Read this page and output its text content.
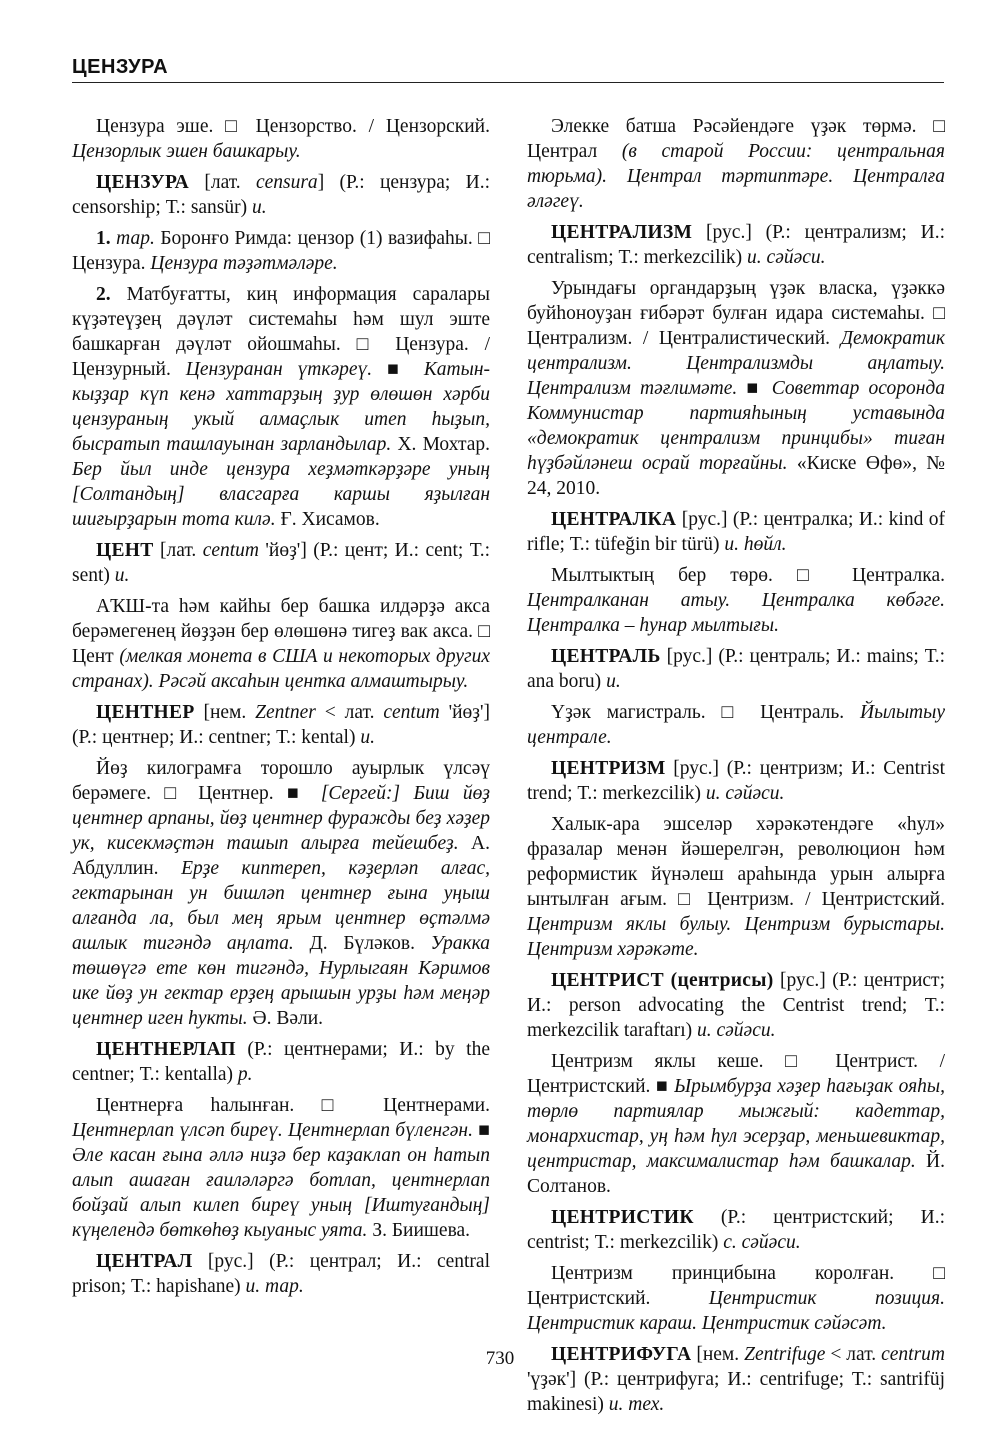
ЦЕНЗУРА

Цензура эше. □ Цензорство. / Цензорский. Цензорлык эшен башкарыу.

ЦЕНЗУРА [лат. censura] (Р.: цензура; И.: censorship; Т.: sansür) и.

1. тар. Боронғо Римда: цензор (1) вазифаһы. □ Цензура. Цензура тәҙәтмәләре.

2. Матбуғатты, киң информация саралары күҙәтеүҙең дәүләт системаһы һәм шул эште башкарған дәүләт ойошмаһы. □ Цензура. / Цензурный. Цензуранан үткәреү. ■ Катын-кыҙҙар күп кенә хаттарҙың ҙур өлөшөн хәрби цензураның укый алмаҫлык итеп һыҙып, бысратып ташлауынан зарландылар. Х. Мохтар. Бер йыл инде цензура хеҙмәткәрҙәре уның [Солтандың] власгарға каршы яҙылған шиғырҙарын тота килә. Ғ. Хисамов.

ЦЕНТ [лат. centum 'йөҙ'] (Р.: цент; И.: cent; Т.: sent) и.

АҠШ-та һәм кайһы бер башка илдәрҙә акса берәмегенең йөҙҙән бер өлөшөнә тигеҙ вак акса. □ Цент (мелкая монета в США и некоторых других странах). Рәсәй аксаһын центка алмаштырыу.

ЦЕНТНЕР [нем. Zentner < лат. centum 'йөҙ'] (Р.: центнер; И.: centner; Т.: kental) и.

Йөҙ килограмға торошло ауырлык үлсәү берәмеге. □ Центнер. ■ [Сергей:] Биш йөҙ центнер арпаны, йөҙ центнер фуражды беҙ хәҙер ук, кисекмәҫтән ташып алырға тейешбеҙ. А. Абдуллин. Ерҙе киптереп, кәҙерләп алғас, гектарынан ун бишләп центнер ғына уңыш алғанда ла, был мең ярым центнер өҫтәлмә ашлык тигәндә аңлата. Д. Бүләков. Уракка төшөүгә ете көн тигәндә, Нурлыгаян Кәримов ике йөҙ ун гектар ерҙең арышын урҙы һәм меңәр центнер иген һукты. Ә. Вәли.

ЦЕНТНЕРЛАП (Р.: центнерами; И.: by the centner; Т.: kentalla) р.

Центнерға һалынған. □ Центнерами. Центнерлап үлсәп биреү. Центнерлап бүленгән. ■ Әле касан ғына әллә ниҙә бер каҙаклап он һатып алып ашаған ғаиләләргә ботлап, центнерлап бойҙай алып килеп биреү уның [Иштуғандың] күңелендә бөткөһөҙ кыуаныс уята. З. Биишева.

ЦЕНТРАЛ [рус.] (Р.: централ; И.: central prison; Т.: hapishane) и. тар.

Элекке батша Рәсәйендәге үҙәк төрмә. □ Централ (в старой России: центральная тюрьма). Централ тәртиптәре. Централға әләгеү.

ЦЕНТРАЛИЗМ [рус.] (Р.: централизм; И.: centralism; Т.: merkezcilik) и. сәйәси.

Урындағы органдарҙың үҙәк власка, үҙәккә буйһоноуҙан ғибәрәт булған идара системаһы. □ Централизм. / Централистический. Демократик централизм. Централизмды аңлатыу. Централизм тәғлимәте. ■ Советтар осоронда Коммунистар партияһының уставында «демократик централизм принцибы» тиған һүҙбәйләнеш осрай торғайны. «Киске Өфө», № 24, 2010.

ЦЕНТРАЛКА [рус.] (Р.: централка; И.: kind of rifle; Т.: tüfeğin bir türü) и. һөйл.

Мылтыктың бер төрө. □ Централка. Централканан атыу. Централка көбәге. Централка – һунар мылтығы.

ЦЕНТРАЛЬ [рус.] (Р.: централь; И.: mains; Т.: ana boru) и.

Үҙәк магистраль. □ Централь. Йылытыу централе.

ЦЕНТРИЗМ [рус.] (Р.: центризм; И.: Centrist trend; Т.: merkezcilik) и. сәйәси.

Халык-ара эшселәр хәрәкәтендәге «һул» фразалар менән йәшерелгән, революцион һәм реформистик йүнәлеш араһында урын алырға ынтылған ағым. □ Центризм. / Центристский. Центризм яклы булыу. Центризм бурыстары. Центризм хәрәкәте.

ЦЕНТРИСТ (центрисы) [рус.] (Р.: центрист; И.: person advocating the Centrist trend; Т.: merkezcilik taraftarı) и. сәйәси.

Центризм яклы кеше. □ Центрист. / Центристский. ■ Ырымбурҙа хәҙер һағыҙак ояһы, төрлө партиялар мыжғый: кадеттар, монархистар, уң һәм һул эсерҙар, меньшевиктар, центристар, максималистар һәм башкалар. Й. Солтанов.

ЦЕНТРИСТИК (Р.: центристский; И.: centrist; Т.: merkezcilik) с. сәйәси.

Центризм принцибына королған. □ Центристский. Центристик позиция. Центристик караш. Центристик сәйәсәт.

ЦЕНТРИФУГА [нем. Zentrifuge < лат. centrum 'үҙәк'] (Р.: центрифуга; И.: centrifuge; Т.: santrifüj makinesi) и. тех.

730
